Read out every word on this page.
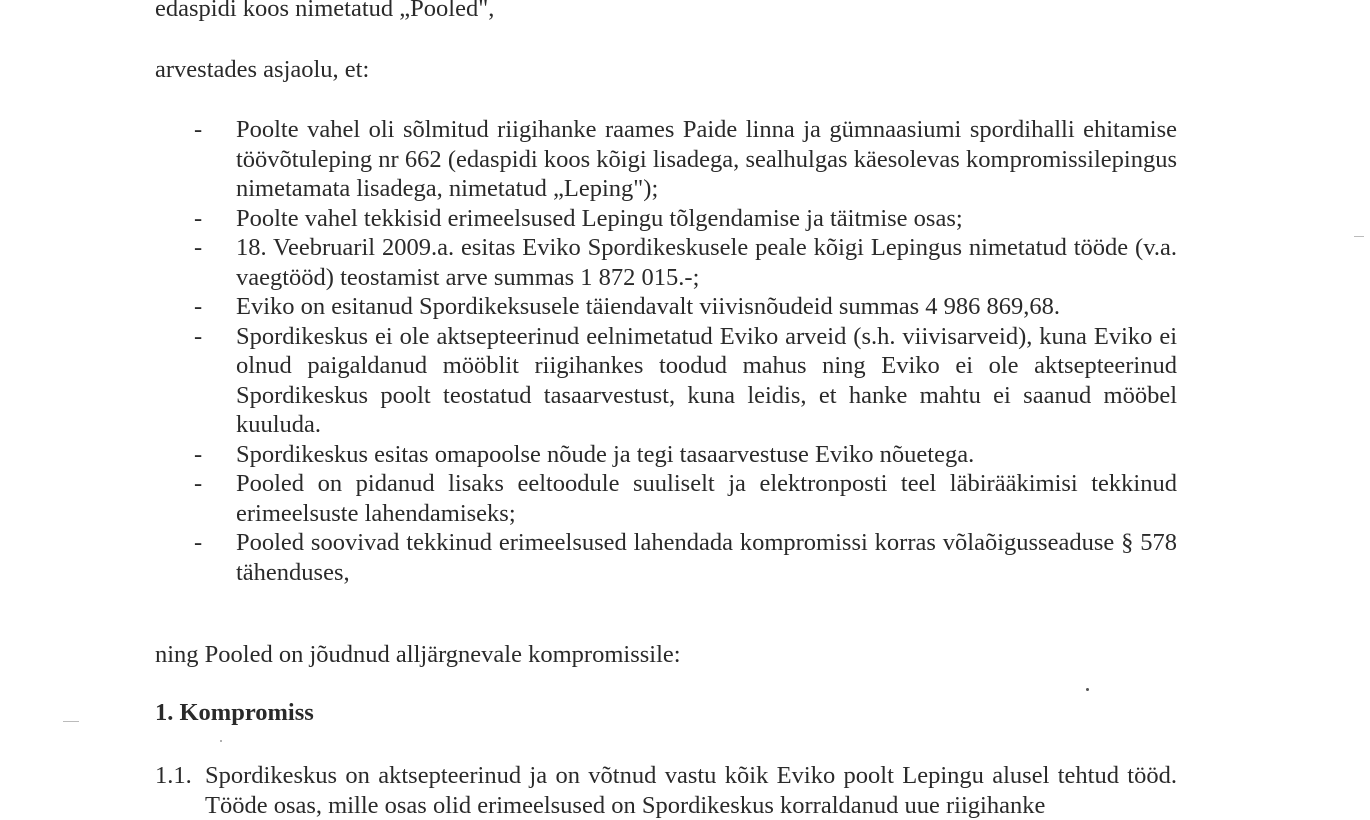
edaspidi koos nimetatud „Pooled",

arvestades asjaolu, et:

- Poolte vahel oli sõlmitud riigihanke raames Paide linna ja gümnaasiumi spordihalli ehitamise töövõtuleping nr 662 (edaspidi koos kõigi lisadega, sealhulgas käesolevas kompromissilepingus nimetamata lisadega, nimetatud „Leping");
- Poolte vahel tekkisid erimeelsused Lepingu tõlgendamise ja täitmise osas;
- 18. Veebruaril 2009.a. esitas Eviko Spordikeskusele peale kõigi Lepingus nimetatud tööde (v.a. vaegtööd) teostamist arve summas 1 872 015.-;
- Eviko on esitanud Spordikeksusele täiendavalt viivisnõudeid summas 4 986 869,68.
- Spordikeskus ei ole aktsepteerinud eelnimetatud Eviko arveid (s.h. viivisarveid), kuna Eviko ei olnud paigaldanud mööblit riigihankes toodud mahus ning Eviko ei ole aktsepteerinud Spordikeskus poolt teostatud tasaarvestust, kuna leidis, et hanke mahtu ei saanud mööbel kuuluda.
- Spordikeskus esitas omapoolse nõude ja tegi tasaarvestuse Eviko nõuetega.
- Pooled on pidanud lisaks eeltoodule suuliselt ja elektronposti teel läbirääkimisi tekkinud erimeelsuste lahendamiseks;
- Pooled soovivad tekkinud erimeelsused lahendada kompromissi korras võlaõigusseaduse § 578 tähenduses,

ning Pooled on jõudnud alljärgnevale kompromissile:

1. Kompromiss
1.1. Spordikeskus on aktsepteerinud ja on võtnud vastu kõik Eviko poolt Lepingu alusel tehtud tööd. Tööde osas, mille osas olid erimeelsused on Spordikeskus korraldanud uue riigihanke
